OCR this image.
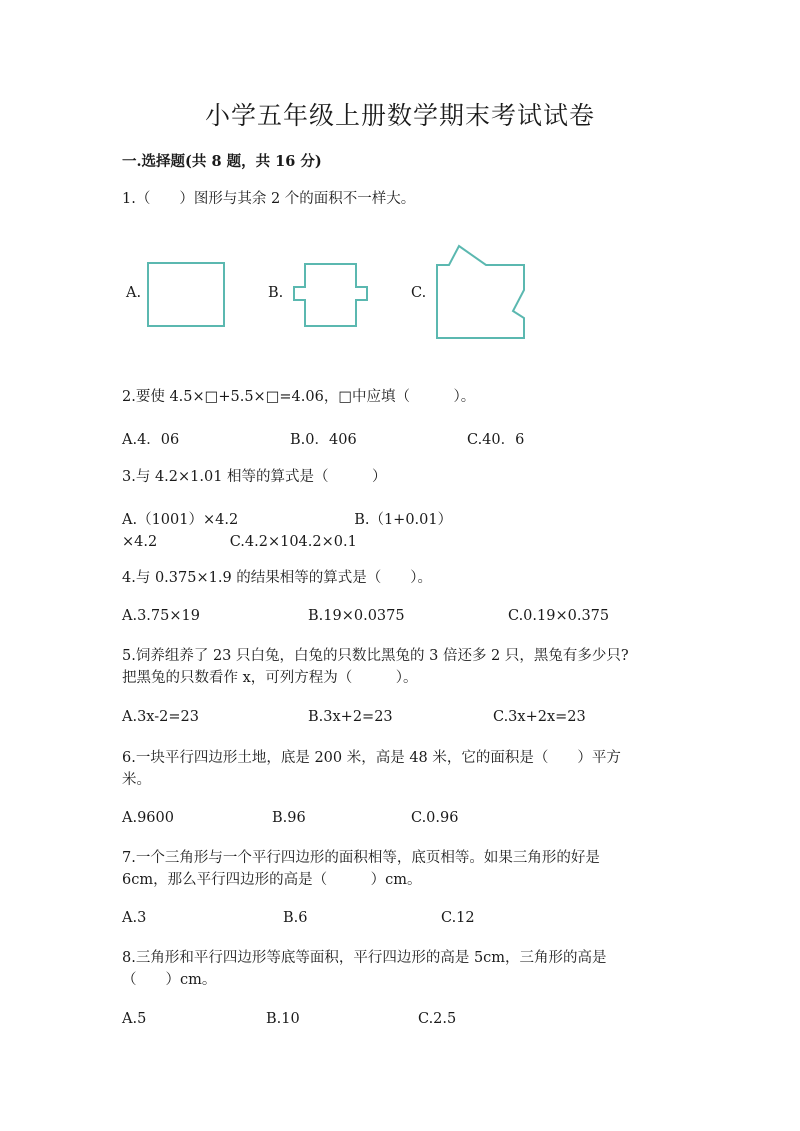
小学五年级上册数学期末考试试卷
一.选择题(共 8 题，共 16 分)
1.（　　）图形与其余 2 个的面积不一样大。
A.	B.	C.
2.要使 4.5×□+5.5×□=4.06，□中应填（　　　）。
A.4．06	B.0．406	C.40．6
3.与 4.2×1.01 相等的算式是（　　　）
A.（1001）×4.2　　　　　　　　B.（1+0.01）
×4.2　　　　　C.4.2×104.2×0.1
4.与 0.375×1.9 的结果相等的算式是（　　）。
A.3.75×19	B.19×0.0375	C.0.19×0.375
5.饲养组养了 23 只白兔，白兔的只数比黑兔的 3 倍还多 2 只，黑兔有多少只?
把黑兔的只数看作 x，可列方程为（　　　）。
A.3x-2=23	B.3x+2=23	C.3x+2x=23
6.一块平行四边形土地，底是 200 米，高是 48 米，它的面积是（　　）平方
米。
A.9600	B.96	C.0.96
7.一个三角形与一个平行四边形的面积相等，底页相等。如果三角形的好是
6cm，那么平行四边形的高是（　　　）cm。
A.3	B.6	C.12
8.三角形和平行四边形等底等面积，平行四边形的高是 5cm，三角形的高是
（　　）cm。
A.5	B.10	C.2.5
